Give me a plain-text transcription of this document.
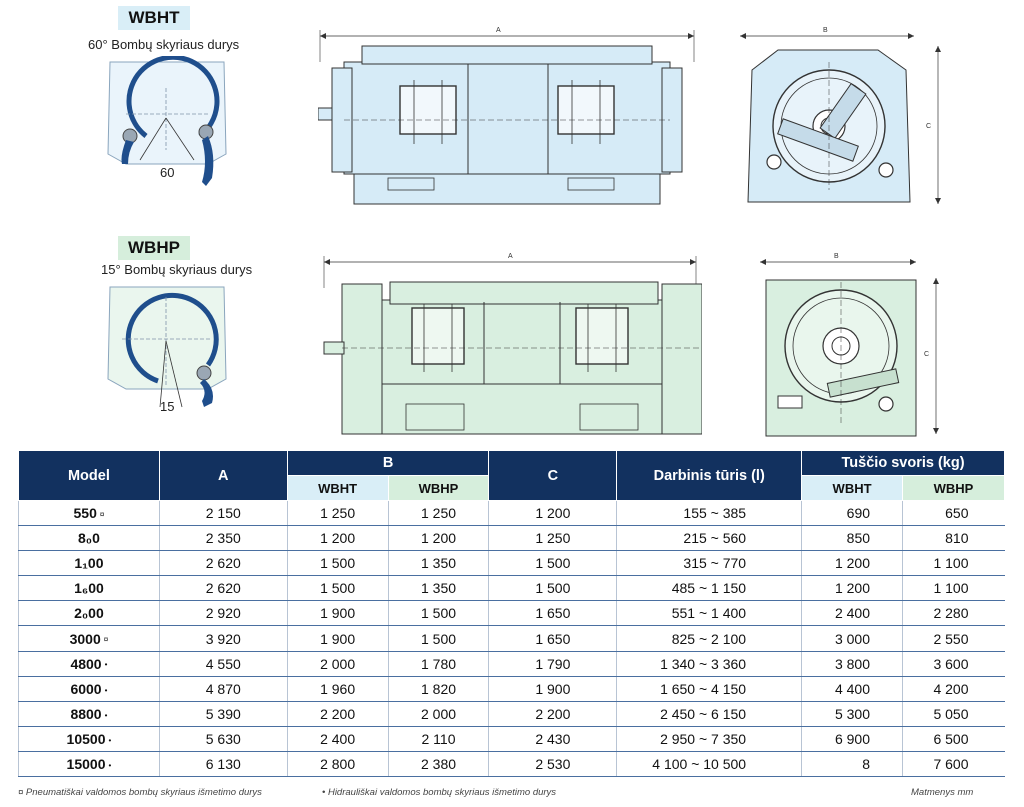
WBHT
60° Bombų skyriaus durys
60
A	B
C
WBHP
15° Bombų skyriaus durys
15
A	B
C
Model	A	B		C	Darbinis tūris (l)	Tuščio svoris (kg)	
		WBHT	WBHP			WBHT	WBHP
550 ¤	2 150	1 250	1 250	1 200	155 ~ 385	690	650
8₀0	2 350	1 200	1 200	1 250	215 ~ 560	850	810
1₁00	2 620	1 500	1 350	1 500	315 ~ 770	1 200	1 100
1₆00	2 620	1 500	1 350	1 500	485 ~ 1 150	1 200	1 100
2₀00	2 920	1 900	1 500	1 650	551 ~ 1 400	2 400	2 280
3000 ¤	3 920	1 900	1 500	1 650	825 ~ 2 100	3 000	2 550
4800 •	4 550	2 000	1 780	1 790	1 340 ~ 3 360	3 800	3 600
6000 •	4 870	1 960	1 820	1 900	1 650 ~ 4 150	4 400	4 200
8800 •	5 390	2 200	2 000	2 200	2 450 ~ 6 150	5 300	5 050
10500 •	5 630	2 400	2 110	2 430	2 950 ~ 7 350	6 900	6 500
15000 •	6 130	2 800	2 380	2 530	4 100 ~ 10 500	8	7 600
¤ Pneumatiškai valdomos bombų skyriaus išmetimo durys	• Hidrauliškai valdomos bombų skyriaus išmetimo durys	Matmenys mm
